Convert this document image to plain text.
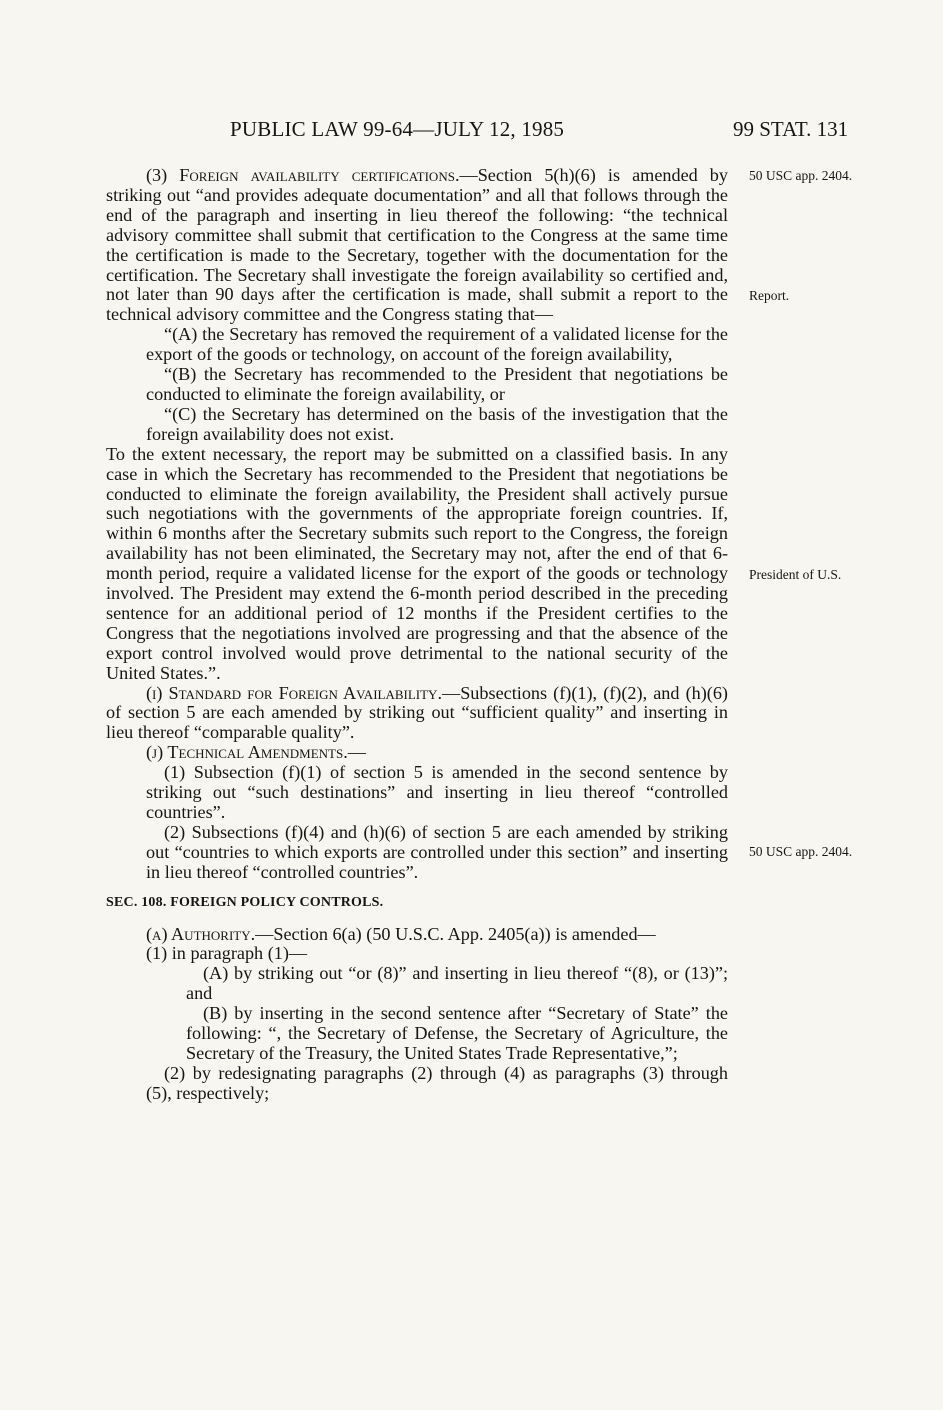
PUBLIC LAW 99-64—JULY 12, 1985	99 STAT. 131

(3) Foreign availability certifications.—Section 5(h)(6) is amended by striking out “and provides adequate documentation” and all that follows through the end of the paragraph and inserting in lieu thereof the following: “the technical advisory committee shall submit that certification to the Congress at the same time the certification is made to the Secretary, together with the documentation for the certification. The Secretary shall investigate the foreign availability so certified and, not later than 90 days after the certification is made, shall submit a report to the technical advisory committee and the Congress stating that—

“(A) the Secretary has removed the requirement of a validated license for the export of the goods or technology, on account of the foreign availability,

“(B) the Secretary has recommended to the President that negotiations be conducted to eliminate the foreign availability, or

“(C) the Secretary has determined on the basis of the investigation that the foreign availability does not exist.

To the extent necessary, the report may be submitted on a classified basis. In any case in which the Secretary has recommended to the President that negotiations be conducted to eliminate the foreign availability, the President shall actively pursue such negotiations with the governments of the appropriate foreign countries. If, within 6 months after the Secretary submits such report to the Congress, the foreign availability has not been eliminated, the Secretary may not, after the end of that 6-month period, require a validated license for the export of the goods or technology involved. The President may extend the 6-month period described in the preceding sentence for an additional period of 12 months if the President certifies to the Congress that the negotiations involved are progressing and that the absence of the export control involved would prove detrimental to the national security of the United States.”.

(i) Standard for Foreign Availability.—Subsections (f)(1), (f)(2), and (h)(6) of section 5 are each amended by striking out “sufficient quality” and inserting in lieu thereof “comparable quality”.

(j) Technical Amendments.—

(1) Subsection (f)(1) of section 5 is amended in the second sentence by striking out “such destinations” and inserting in lieu thereof “controlled countries”.

(2) Subsections (f)(4) and (h)(6) of section 5 are each amended by striking out “countries to which exports are controlled under this section” and inserting in lieu thereof “controlled countries”.

SEC. 108. FOREIGN POLICY CONTROLS.

(a) Authority.—Section 6(a) (50 U.S.C. App. 2405(a)) is amended—

(1) in paragraph (1)—

(A) by striking out “or (8)” and inserting in lieu thereof “(8), or (13)”; and

(B) by inserting in the second sentence after “Secretary of State” the following: “, the Secretary of Defense, the Secretary of Agriculture, the Secretary of the Treasury, the United States Trade Representative,”;

(2) by redesignating paragraphs (2) through (4) as paragraphs (3) through (5), respectively;

50 USC app. 2404.
Report.
President of U.S.
50 USC app. 2404.
